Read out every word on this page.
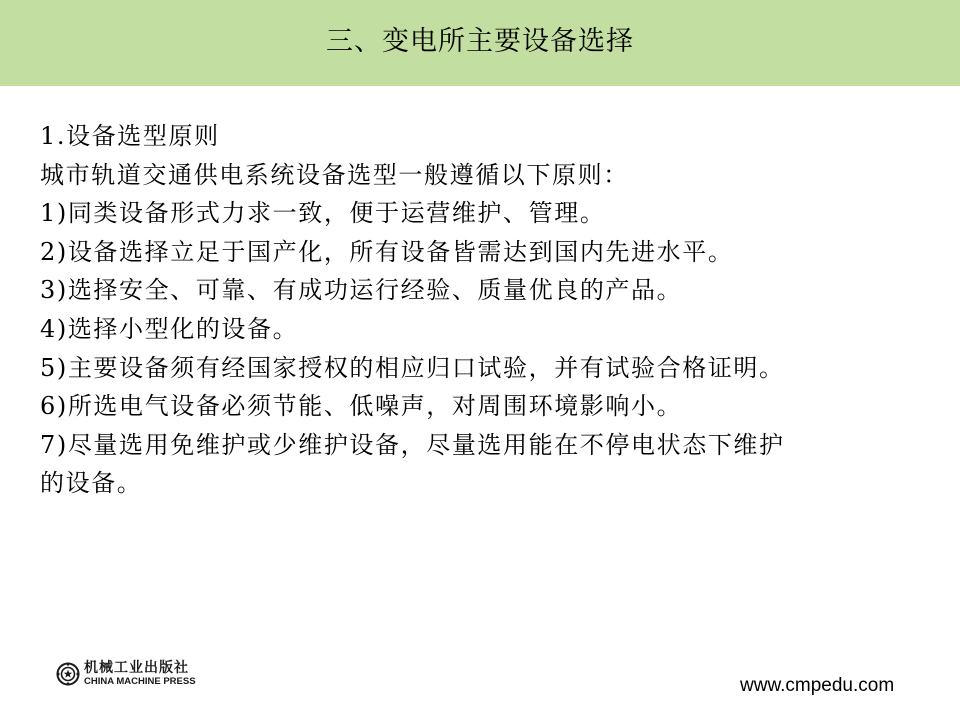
三、变电所主要设备选择
1.设备选型原则
城市轨道交通供电系统设备选型一般遵循以下原则：
1)同类设备形式力求一致，便于运营维护、管理。
2)设备选择立足于国产化，所有设备皆需达到国内先进水平。
3)选择安全、可靠、有成功运行经验、质量优良的产品。
4)选择小型化的设备。
5)主要设备须有经国家授权的相应归口试验，并有试验合格证明。
6)所选电气设备必须节能、低噪声，对周围环境影响小。
7)尽量选用免维护或少维护设备，尽量选用能在不停电状态下维护
的设备。
机械工业出版社
CHINA MACHINE PRESS	www.cmpedu.com
